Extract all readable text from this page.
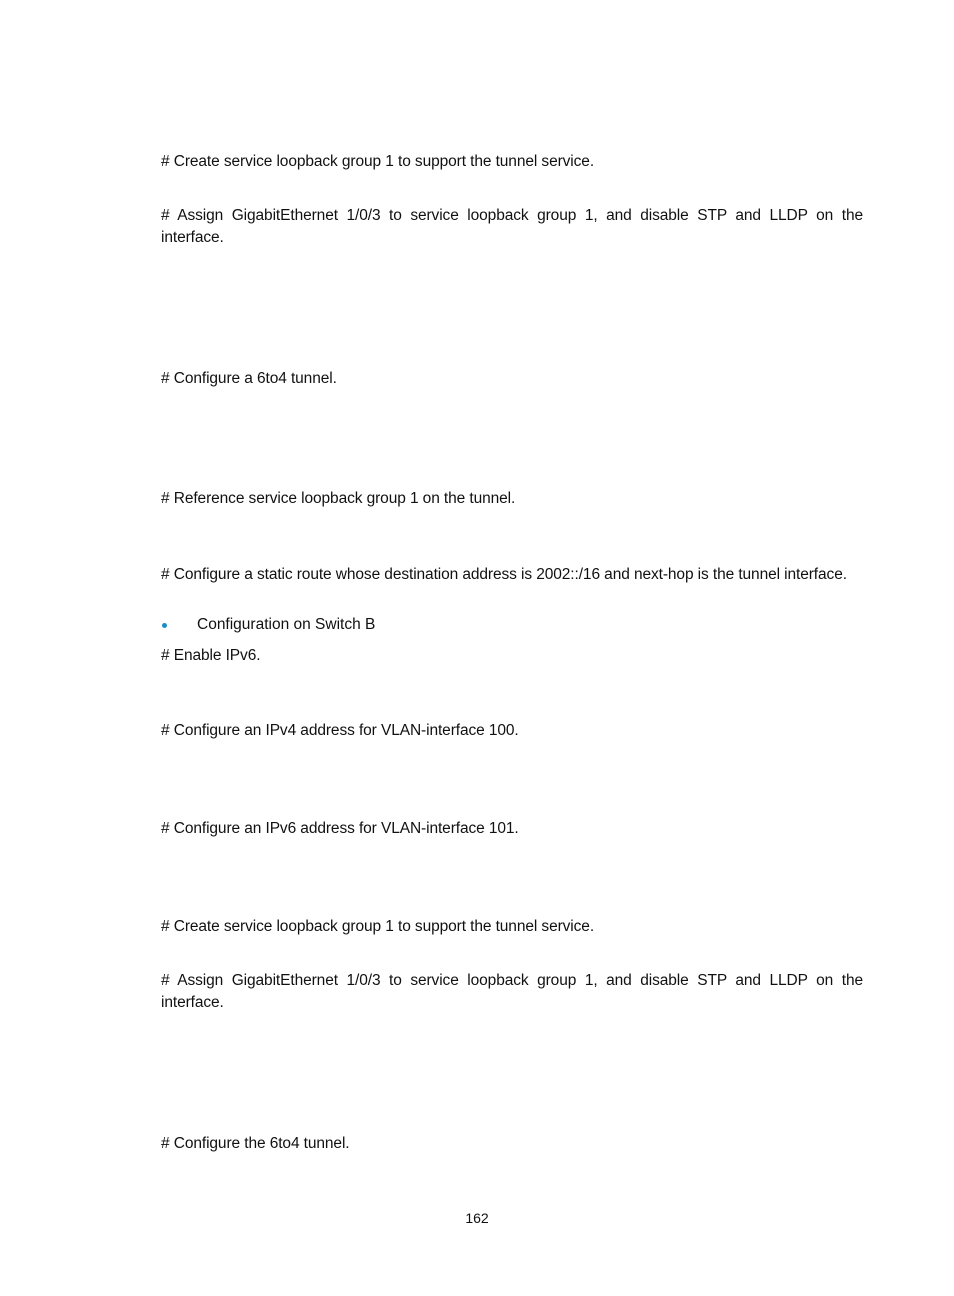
# Create service loopback group 1 to support the tunnel service.

# Assign GigabitEthernet 1/0/3 to service loopback group 1, and disable STP and LLDP on the interface.

# Configure a 6to4 tunnel.

# Reference service loopback group 1 on the tunnel.

# Configure a static route whose destination address is 2002::/16 and next-hop is the tunnel interface.

Configuration on Switch B

# Enable IPv6.

# Configure an IPv4 address for VLAN-interface 100.

# Configure an IPv6 address for VLAN-interface 101.

# Create service loopback group 1 to support the tunnel service.

# Assign GigabitEthernet 1/0/3 to service loopback group 1, and disable STP and LLDP on the interface.

# Configure the 6to4 tunnel.

162
